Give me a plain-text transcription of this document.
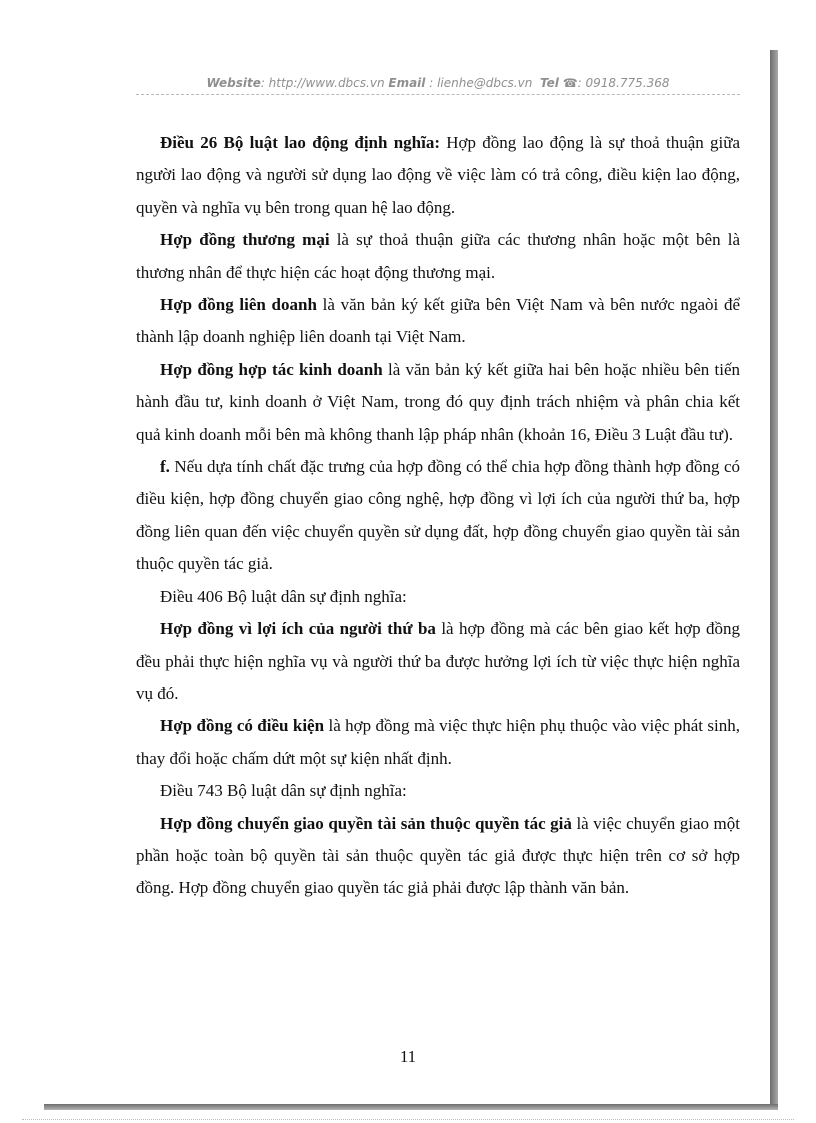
Website: http://www.dbcs.vn Email : lienhe@dbcs.vn Tel ☎: 0918.775.368

Điều 26 Bộ luật lao động định nghĩa: Hợp đồng lao động là sự thoả thuận giữa người lao động và người sử dụng lao động về việc làm có trả công, điều kiện lao động, quyền và nghĩa vụ bên trong quan hệ lao động.

Hợp đồng thương mại là sự thoả thuận giữa các thương nhân hoặc một bên là thương nhân để thực hiện các hoạt động thương mại.

Hợp đồng liên doanh là văn bản ký kết giữa bên Việt Nam và bên nước ngaòi để thành lập doanh nghiệp liên doanh tại Việt Nam.

Hợp đồng hợp tác kinh doanh là văn bản ký kết giữa hai bên hoặc nhiều bên tiến hành đầu tư, kinh doanh ở Việt Nam, trong đó quy định trách nhiệm và phân chia kết quả kinh doanh mỗi bên mà không thanh lập pháp nhân (khoản 16, Điều 3 Luật đầu tư).

f. Nếu dựa tính chất đặc trưng của hợp đồng có thể chia hợp đồng thành hợp đồng có điều kiện, hợp đồng chuyển giao công nghệ, hợp đồng vì lợi ích của người thứ ba, hợp đồng liên quan đến việc chuyển quyền sử dụng đất, hợp đồng chuyển giao quyền tài sản thuộc quyền tác giả.

Điều 406 Bộ luật dân sự định nghĩa:

Hợp đồng vì lợi ích của người thứ ba là hợp đồng mà các bên giao kết hợp đồng đều phải thực hiện nghĩa vụ và người thứ ba được hưởng lợi ích từ việc thực hiện nghĩa vụ đó.

Hợp đồng có điều kiện là hợp đồng mà việc thực hiện phụ thuộc vào việc phát sinh, thay đổi hoặc chấm dứt một sự kiện nhất định.

Điều 743 Bộ luật dân sự định nghĩa:

Hợp đồng chuyển giao quyền tài sản thuộc quyền tác giả là việc chuyển giao một phần hoặc toàn bộ quyền tài sản thuộc quyền tác giả được thực hiện trên cơ sở hợp đồng. Hợp đồng chuyển giao quyền tác giả phải được lập thành văn bản.

11
